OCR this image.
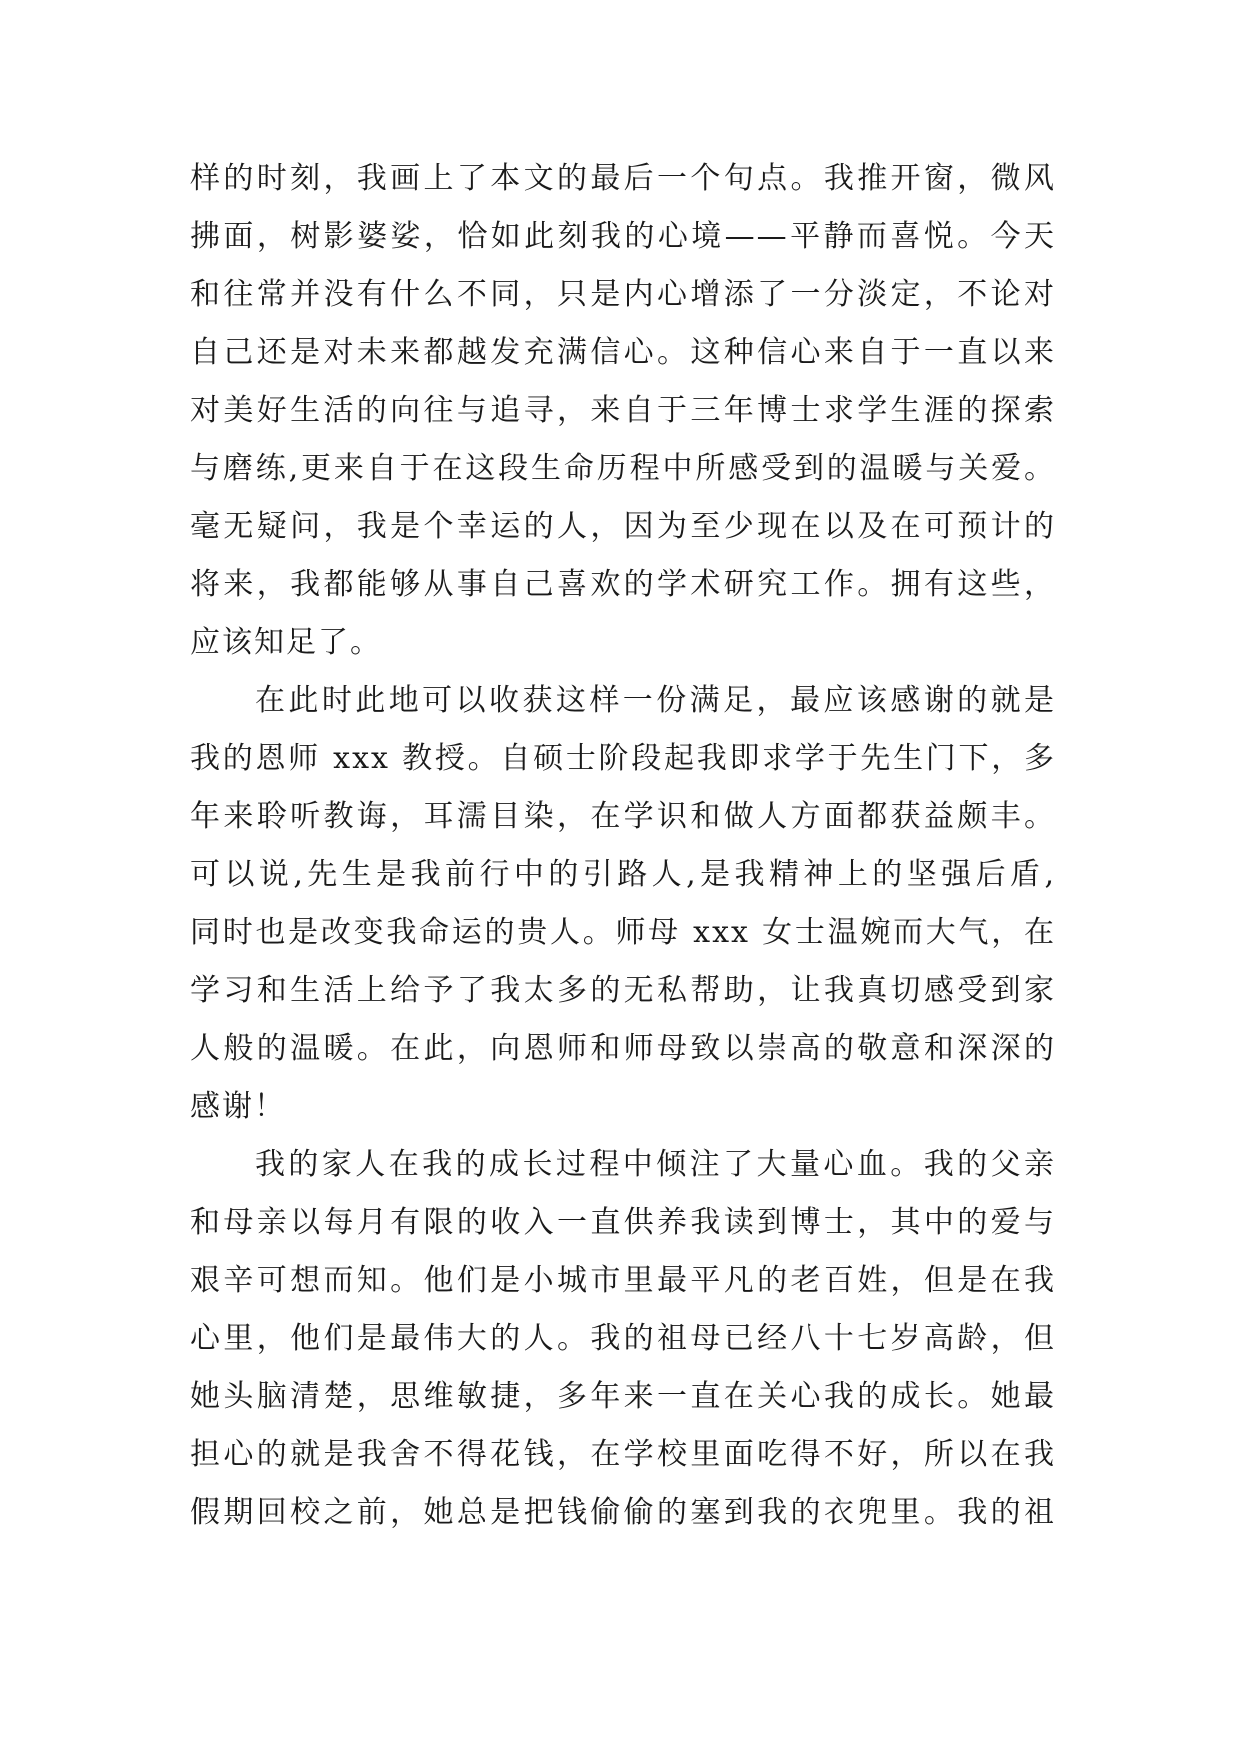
样的时刻，我画上了本文的最后一个句点。我推开窗，微风
拂面，树影婆娑，恰如此刻我的心境——平静而喜悦。今天
和往常并没有什么不同，只是内心增添了一分淡定，不论对
自己还是对未来都越发充满信心。这种信心来自于一直以来
对美好生活的向往与追寻，来自于三年博士求学生涯的探索
与磨练,更来自于在这段生命历程中所感受到的温暖与关爱。
毫无疑问，我是个幸运的人，因为至少现在以及在可预计的
将来，我都能够从事自己喜欢的学术研究工作。拥有这些，
应该知足了。
在此时此地可以收获这样一份满足，最应该感谢的就是
我的恩师 xxx 教授。自硕士阶段起我即求学于先生门下，多
年来聆听教诲，耳濡目染，在学识和做人方面都获益颇丰。
可以说,先生是我前行中的引路人,是我精神上的坚强后盾,
同时也是改变我命运的贵人。师母 xxx 女士温婉而大气，在
学习和生活上给予了我太多的无私帮助，让我真切感受到家
人般的温暖。在此，向恩师和师母致以崇高的敬意和深深的
感谢！
我的家人在我的成长过程中倾注了大量心血。我的父亲
和母亲以每月有限的收入一直供养我读到博士，其中的爱与
艰辛可想而知。他们是小城市里最平凡的老百姓，但是在我
心里，他们是最伟大的人。我的祖母已经八十七岁高龄，但
她头脑清楚，思维敏捷，多年来一直在关心我的成长。她最
担心的就是我舍不得花钱，在学校里面吃得不好，所以在我
假期回校之前，她总是把钱偷偷的塞到我的衣兜里。我的祖
